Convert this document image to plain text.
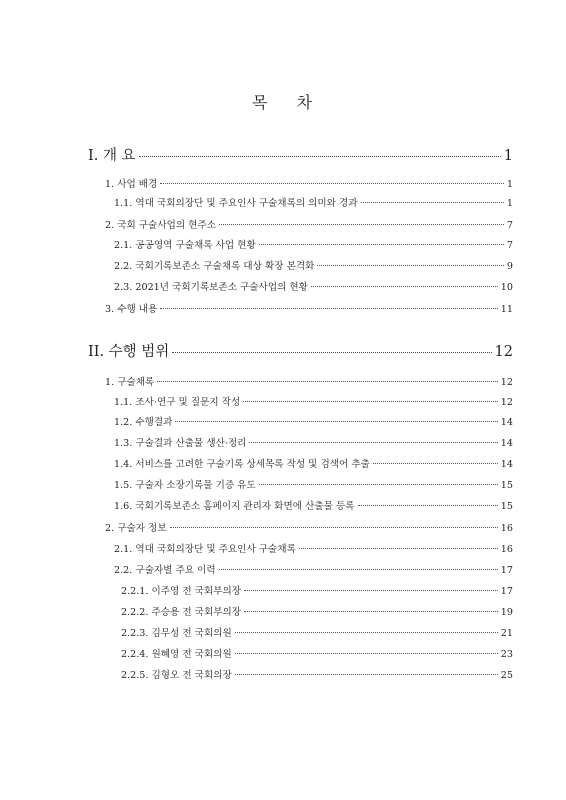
목 차
I. 개 요	1
1. 사업 배경	1
1.1. 역대 국회의장단 및 주요인사 구술채록의 의미와 경과	1
2. 국회 구술사업의 현주소	7
2.1. 공공영역 구술채록 사업 현황	7
2.2. 국회기록보존소 구술채록 대상 확장 본격화	9
2.3. 2021년 국회기록보존소 구술사업의 현황	10
3. 수행 내용	11
II. 수행 범위	12
1. 구술채록	12
1.1. 조사·연구 및 질문지 작성	12
1.2. 수행결과	14
1.3. 구술결과 산출물 생산·정리	14
1.4. 서비스를 고려한 구술기록 상세목록 작성 및 검색어 추출	14
1.5. 구술자 소장기록물 기증 유도	15
1.6. 국회기록보존소 홈페이지 관리자 화면에 산출물 등록	15
2. 구술자 정보	16
2.1. 역대 국회의장단 및 주요인사 구술채록	16
2.2. 구술자별 주요 이력	17
2.2.1. 이주영 전 국회부의장	17
2.2.2. 주승용 전 국회부의장	19
2.2.3. 김무성 전 국회의원	21
2.2.4. 원혜영 전 국회의원	23
2.2.5. 김형오 전 국회의장	25
